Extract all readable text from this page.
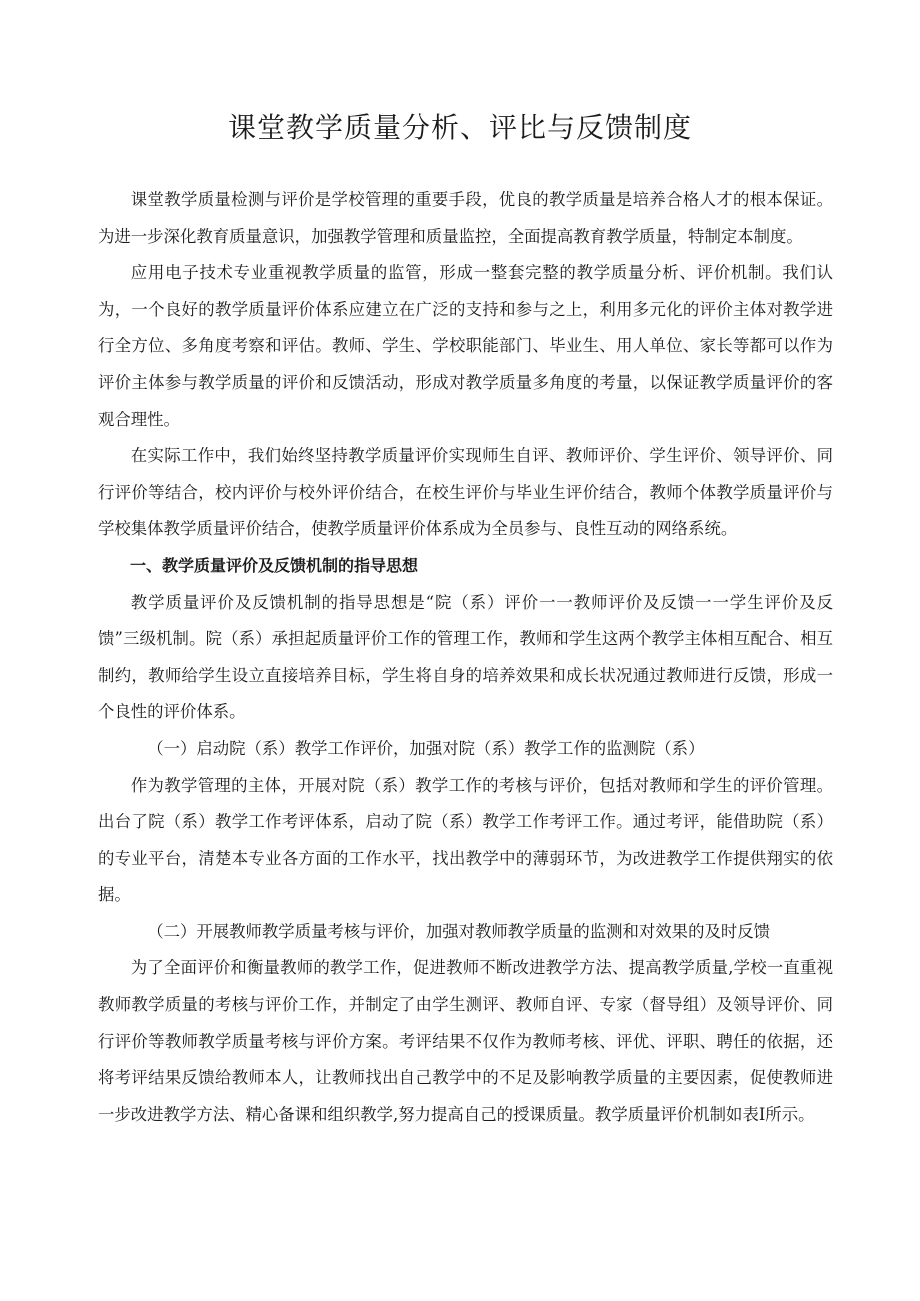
课堂教学质量分析、评比与反馈制度

课堂教学质量检测与评价是学校管理的重要手段，优良的教学质量是培养合格人才的根本保证。为进一步深化教育质量意识，加强教学管理和质量监控，全面提高教育教学质量，特制定本制度。

应用电子技术专业重视教学质量的监管，形成一整套完整的教学质量分析、评价机制。我们认为，一个良好的教学质量评价体系应建立在广泛的支持和参与之上，利用多元化的评价主体对教学进行全方位、多角度考察和评估。教师、学生、学校职能部门、毕业生、用人单位、家长等都可以作为评价主体参与教学质量的评价和反馈活动，形成对教学质量多角度的考量，以保证教学质量评价的客观合理性。

在实际工作中，我们始终坚持教学质量评价实现师生自评、教师评价、学生评价、领导评价、同行评价等结合，校内评价与校外评价结合，在校生评价与毕业生评价结合，教师个体教学质量评价与学校集体教学质量评价结合，使教学质量评价体系成为全员参与、良性互动的网络系统。

一、教学质量评价及反馈机制的指导思想

教学质量评价及反馈机制的指导思想是“院（系）评价一一教师评价及反馈一一学生评价及反馈”三级机制。院（系）承担起质量评价工作的管理工作，教师和学生这两个教学主体相互配合、相互制约，教师给学生设立直接培养目标，学生将自身的培养效果和成长状况通过教师进行反馈，形成一个良性的评价体系。

（一）启动院（系）教学工作评价，加强对院（系）教学工作的监测院（系）

作为教学管理的主体，开展对院（系）教学工作的考核与评价，包括对教师和学生的评价管理。出台了院（系）教学工作考评体系，启动了院（系）教学工作考评工作。通过考评，能借助院（系）的专业平台，清楚本专业各方面的工作水平，找出教学中的薄弱环节，为改进教学工作提供翔实的依据。

（二）开展教师教学质量考核与评价，加强对教师教学质量的监测和对效果的及时反馈

为了全面评价和衡量教师的教学工作，促进教师不断改进教学方法、提高教学质量,学校一直重视教师教学质量的考核与评价工作，并制定了由学生测评、教师自评、专家（督导组）及领导评价、同行评价等教师教学质量考核与评价方案。考评结果不仅作为教师考核、评优、评职、聘任的依据，还将考评结果反馈给教师本人，让教师找出自己教学中的不足及影响教学质量的主要因素，促使教师进一步改进教学方法、精心备课和组织教学,努力提高自己的授课质量。教学质量评价机制如表I所示。
